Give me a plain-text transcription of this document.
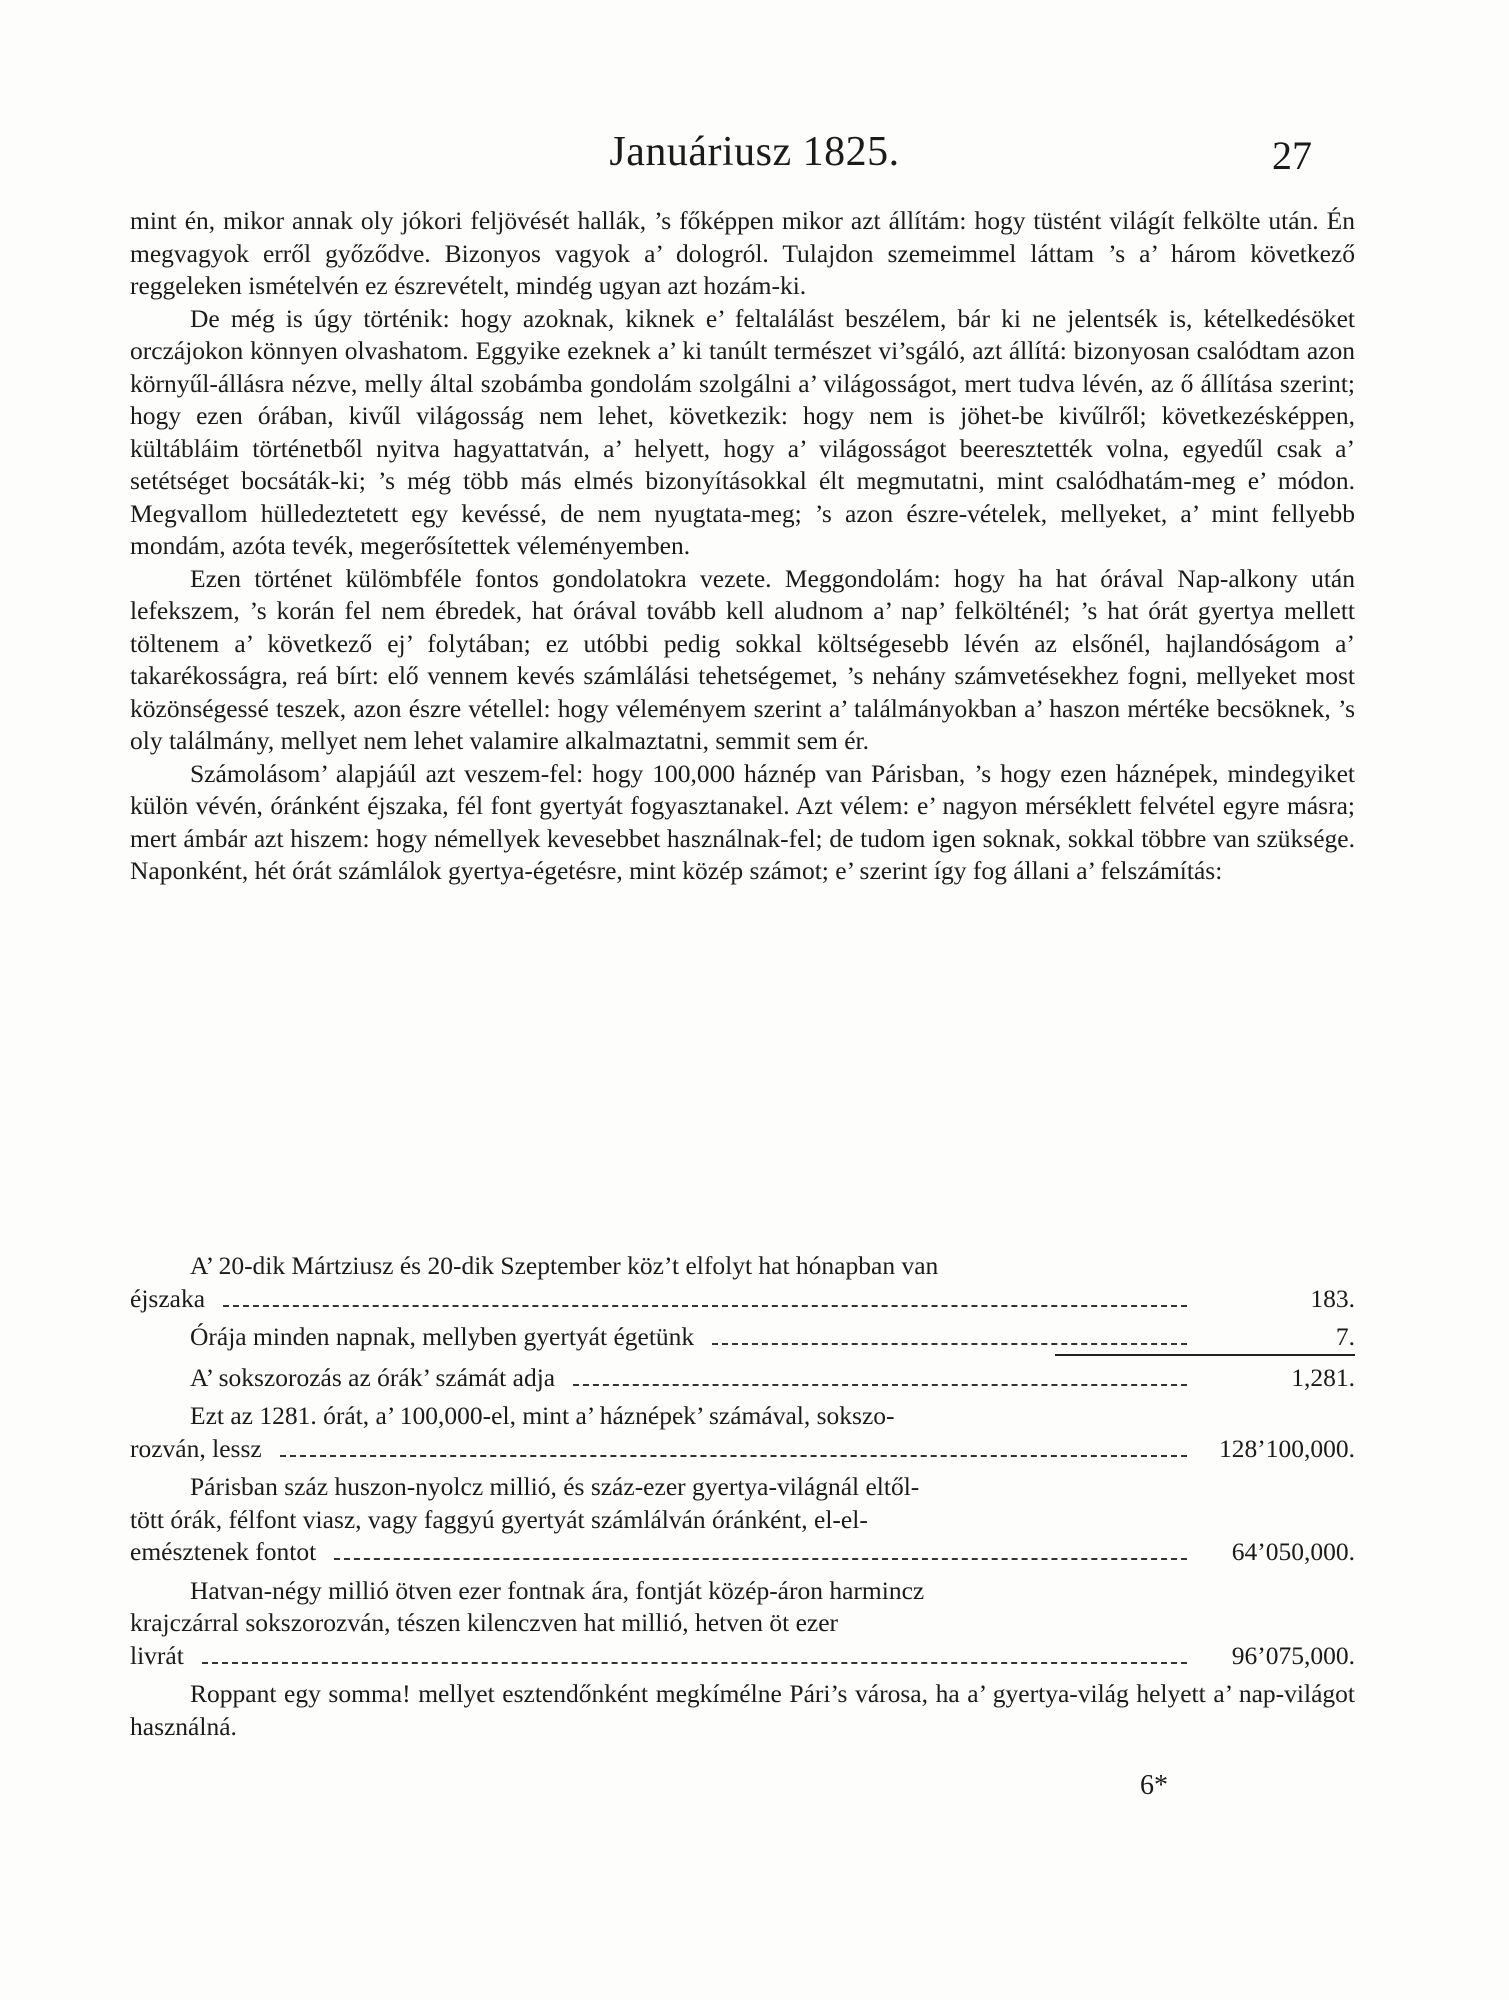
Januáriusz 1825.	27

mint én, mikor annak oly jókori feljövését hallák, ’s főképpen mikor azt állítám: hogy tüstént világít felkölte után. Én megvagyok erről győződve. Bizonyos vagyok a’ dologról. Tulajdon szemeimmel láttam ’s a’ három következő reggeleken ismételvén ez észrevételt, mindég ugyan azt hozám-ki.

De még is úgy történik: hogy azoknak, kiknek e’ feltalálást beszélem, bár ki ne jelentsék is, kételkedésöket orczájokon könnyen olvashatom. Eggyike ezeknek a’ ki tanúlt természet vi’sgáló, azt állítá: bizonyosan csalódtam azon környűl-állásra nézve, melly által szobámba gondolám szolgálni a’ világosságot, mert tudva lévén, az ő állítása szerint; hogy ezen órában, kivűl világosság nem lehet, következik: hogy nem is jöhet-be kivűlről; következésképpen, kültábláim történetből nyitva hagyattatván, a’ helyett, hogy a’ világosságot beeresztették volna, egyedűl csak a’ setétséget bocsáták-ki; ’s még több más elmés bizonyításokkal élt megmutatni, mint csalódhatám-meg e’ módon. Megvallom hülledeztetett egy kevéssé, de nem nyugtata-meg; ’s azon észre-vételek, mellyeket, a’ mint fellyebb mondám, azóta tevék, megerősítettek véleményemben.

Ezen történet külömbféle fontos gondolatokra vezete. Meggondolám: hogy ha hat órával Nap-alkony után lefekszem, ’s korán fel nem ébredek, hat órával tovább kell aludnom a’ nap’ felkölténél; ’s hat órát gyertya mellett töltenem a’ következő ej’ folytában; ez utóbbi pedig sokkal költségesebb lévén az elsőnél, hajlandóságom a’ takarékosságra, reá bírt: elő vennem kevés számlálási tehetségemet, ’s nehány számvetésekhez fogni, mellyeket most közönségessé teszek, azon észre vétellel: hogy véleményem szerint a’ találmányokban a’ haszon mértéke becsöknek, ’s oly találmány, mellyet nem lehet valamire alkalmaztatni, semmit sem ér.

Számolásom’ alapjáúl azt veszem-fel: hogy 100,000 háznép van Párisban, ’s hogy ezen háznépek, mindegyiket külön vévén, óránként éjszaka, fél font gyertyát fogyasztanakel. Azt vélem: e’ nagyon mérséklett felvétel egyre másra; mert ámbár azt hiszem: hogy némellyek kevesebbet használnak-fel; de tudom igen soknak, sokkal többre van szüksége. Naponként, hét órát számlálok gyertya-égetésre, mint közép számot; e’ szerint így fog állani a’ felszámítás:

A’ 20-dik Mártziusz és 20-dik Szeptember köz’t elfolyt hat hónapban van
éjszaka	183.
Órája minden napnak, mellyben gyertyát égetünk	7.
A’ sokszorozás az órák’ számát adja	1,281.
Ezt az 1281. órát, a’ 100,000-el, mint a’ háznépek’ számával, sokszo-
rozván, lessz	128’100,000.
Párisban száz huszon-nyolcz millió, és száz-ezer gyertya-világnál eltől-
tött órák, félfont viasz, vagy faggyú gyertyát számlálván óránként, el-el-
emésztenek fontot	64’050,000.
Hatvan-négy millió ötven ezer fontnak ára, fontját közép-áron harmincz
krajczárral sokszorozván, tészen kilenczven hat millió, hetven öt ezer
livrát	96’075,000.

Roppant egy somma! mellyet esztendőnként megkímélne Pári’s városa, ha a’ gyertya-világ helyett a’ nap-világot használná.

6*
